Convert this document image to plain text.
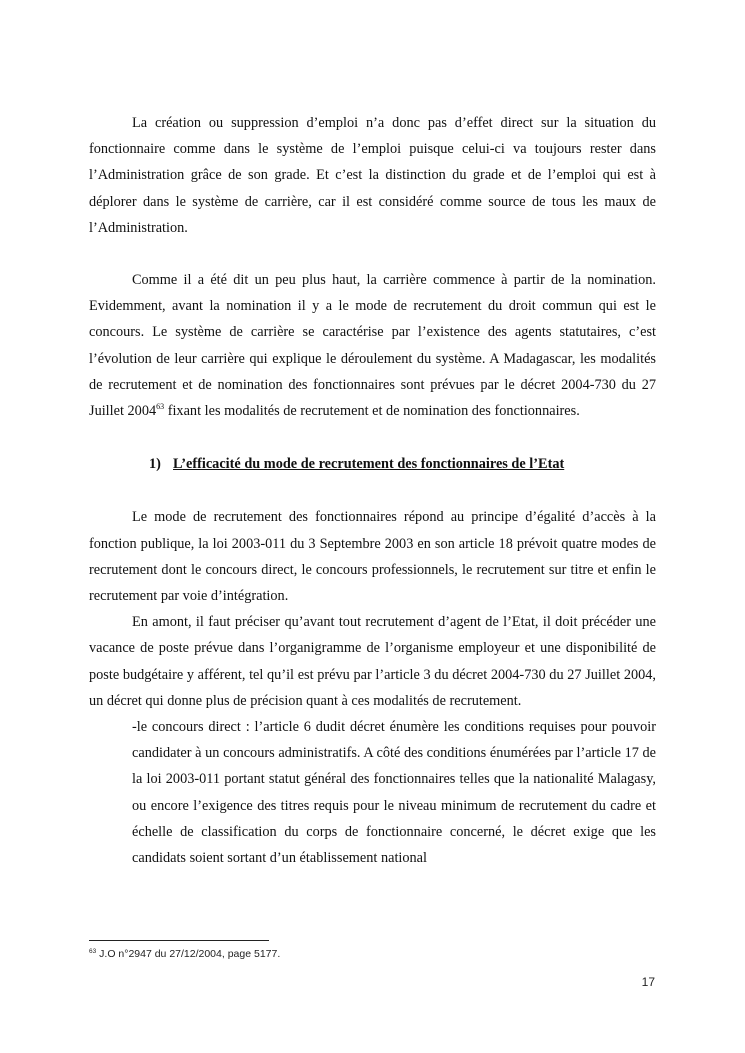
La création ou suppression d’emploi n’a donc pas d’effet direct sur la situation du fonctionnaire comme dans le système de l’emploi puisque celui-ci va toujours rester dans l’Administration grâce de son grade. Et c’est la distinction du grade et de l’emploi qui est à déplorer dans le système de carrière, car il est considéré comme source de tous les maux de l’Administration.

Comme il a été dit un peu plus haut, la carrière commence à partir de la nomination. Evidemment, avant la nomination il y a le mode de recrutement du droit commun qui est le concours. Le système de carrière se caractérise par l’existence des agents statutaires, c’est l’évolution de leur carrière qui explique le déroulement du système. A Madagascar, les modalités de recrutement et de nomination des fonctionnaires sont prévues par le décret 2004-730 du 27 Juillet 2004$^{63}$ fixant les modalités de recrutement et de nomination des fonctionnaires.

1) L’efficacité du mode de recrutement des fonctionnaires de l’Etat

Le mode de recrutement des fonctionnaires répond au principe d’égalité d’accès à la fonction publique, la loi 2003-011 du 3 Septembre 2003 en son article 18 prévoit quatre modes de recrutement dont le concours direct, le concours professionnels, le recrutement sur titre et enfin le recrutement par voie d’intégration.

En amont, il faut préciser qu’avant tout recrutement d’agent de l’Etat, il doit précéder une vacance de poste prévue dans l’organigramme de l’organisme employeur et une disponibilité de poste budgétaire y afférent, tel qu’il est prévu par l’article 3 du décret 2004-730 du 27 Juillet 2004, un décret qui donne plus de précision quant à ces modalités de recrutement.

-le concours direct : l’article 6 dudit décret énumère les conditions requises pour pouvoir candidater à un concours administratifs. A côté des conditions énumérées par l’article 17 de la loi 2003-011 portant statut général des fonctionnaires telles que la nationalité Malagasy, ou encore l’exigence des titres requis pour le niveau minimum de recrutement du cadre et échelle de classification du corps de fonctionnaire concerné, le décret exige que les candidats soient sortant d’un établissement national

$^{63}$ J.O n°2947 du 27/12/2004, page 5177.
17
